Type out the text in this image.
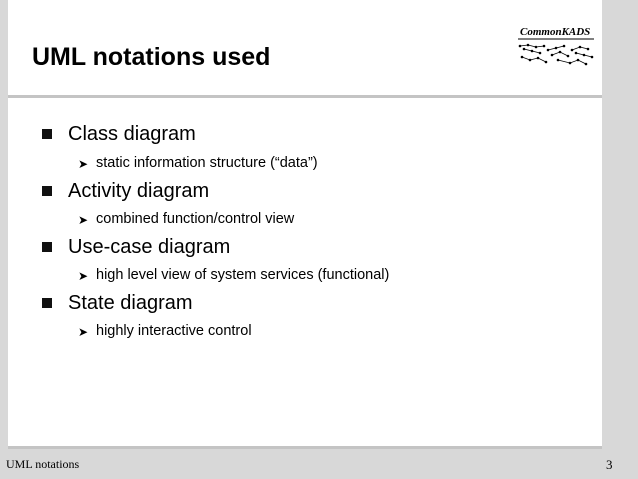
UML notations used
CommonKADS
Class diagram
➤ static information structure (“data”)
Activity diagram
➤ combined function/control view
Use-case diagram
➤ high level view of system services (functional)
State diagram
➤ highly interactive control
UML notations	3
